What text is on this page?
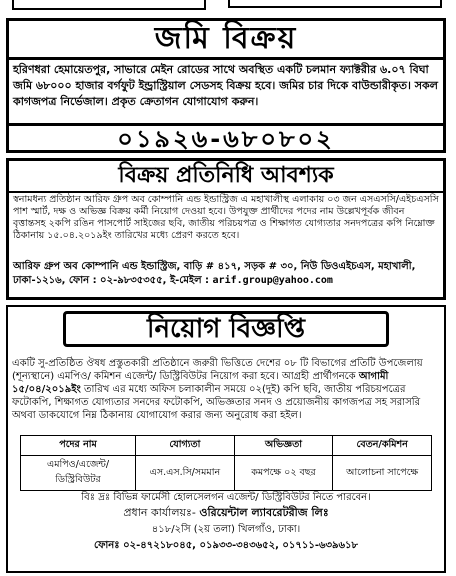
জমি বিক্রয়
হরিণধরা হেমায়েতপুর, সাভারে মেইন রোডের সাথে অবস্থিত একটি চলমান ফ্যাক্টরীর ৬.০৭ বিঘা জমি ৬৮০০০ হাজার বর্গফুট ইন্ড্রাস্ট্রিয়াল সেডসহ বিক্রয় হবে। জমির চার দিকে বাউন্ডারীকৃত। সকল কাগজপত্র নির্ভেজাল। প্রকৃত ক্রেতাগন যোগাযোগ করুন।
০১৯২৬-৬৮০৮০২
বিক্রয় প্রতিনিধি আবশ্যক
স্বনামধন্য প্রতিষ্ঠান আরিফ গ্রুপ অব কোম্পানি এন্ড ইন্ডাস্ট্রিজ এ মহাখালীস্থ এলাকায় ০৩ জন এসএসসি/এইচএসসি পাশ স্মার্ট, দক্ষ ও অভিজ্ঞ বিক্রয় কর্মী নিয়োগ দেওয়া হবে। উপযুক্ত প্রার্থীদের পদের নাম উল্লেখপূর্বক জীবন বৃত্তান্তসহ ২কপি রঙিন পাসপোর্ট সাইজের ছবি, জাতীয় পরিচয়পত্র ও শিক্ষাগত যোগ্যতার সনদপত্রের কপি নিম্নোক্ত ঠিকানায় ১৫.০৪.২০১৯ইং তারিখের মধ্যে প্রেরণ করতে হবে।
আরিফ গ্রুপ অব কোম্পানি এন্ড ইন্ডাস্ট্রিজ, বাড়ি # ৪১৭, সড়ক # ৩০, নিউ ডিওএইচএস, মহাখালী, ঢাকা-১২১৬, ফোন : ০২-৯৮৩৫৩৫৫, ই-মেইল : arif.group@yahoo.com
নিয়োগ বিজ্ঞপ্তি
একটি সু-প্রতিষ্ঠিত ঔষধ প্রস্তুতকারী প্রতিষ্ঠানে জরুরী ভিত্তিতে দেশের ০৮ টি বিভাগের প্রতিটি উপজেলায় (শূন্যস্থানে) এমপিও/ কমিশন এজেন্ট/ ডিস্ট্রিবিউটর নিয়োগ করা হবে। আগ্রহী প্রার্থীগনকে আগামী ১৫/০৪/২০১৯ইং তারিখ এর মধ্যে অফিস চলাকালীন সময়ে ০২(দুই) কপি ছবি, জাতীয় পরিচয়পত্রের ফটোকপি, শিক্ষাগত যোগ্যতার সনদের ফটোকপি, অভিজ্ঞতার সনদ ও প্রয়োজনীয় কাগজপত্র সহ সরাসরি অথবা ডাকযোগে নিম্ন ঠিকানায় যোগাযোগ করার জন্য অনুরোধ করা হইল।
পদের নাম	যোগ্যতা	অভিজ্ঞতা	বেতন/কমিশন
এমপিও/এজেন্ট/ ডিস্ট্রিবিউটর	এস.এস.সি/সমমান	কমপক্ষে ০২ বছর	আলোচনা সাপেক্ষে
বিঃ দ্রঃ বিভিন্ন ফার্মেসী হোলসেলগন এজেন্ট/ ডিস্ট্রিবিউটর নিতে পারবেন।
প্রধান কার্যালয়ঃ- ওরিয়েন্টাল ল্যাবরেটরীজ লিঃ
৪১৮/২সি (২য় তলা) খিলগাঁও, ঢাকা।
ফোনঃ ০২-৪৭২১৮০৪৫, ০১৯৩৩-৩৪৩৬৫২, ০১৭১১-৬৩৯৬১৮
